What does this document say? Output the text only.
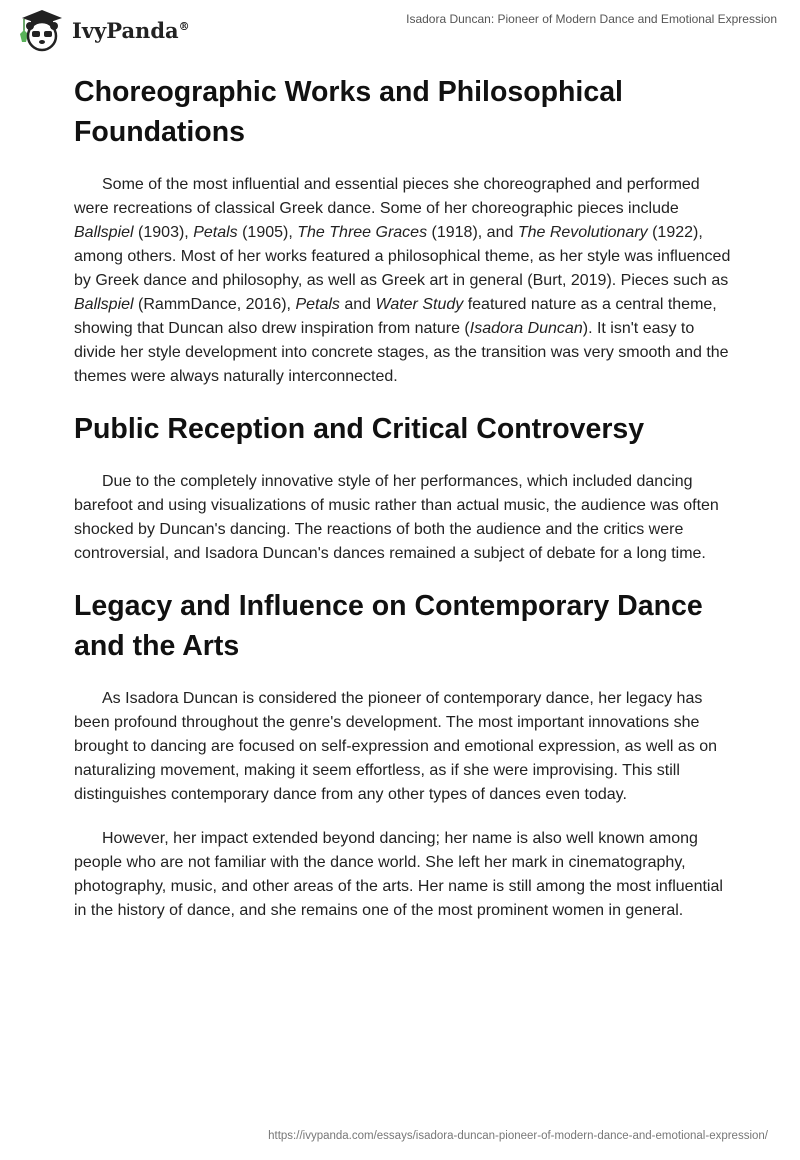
IvyPanda®	Isadora Duncan: Pioneer of Modern Dance and Emotional Expression
Choreographic Works and Philosophical Foundations

Some of the most influential and essential pieces she choreographed and performed were recreations of classical Greek dance. Some of her choreographic pieces include Ballspiel (1903), Petals (1905), The Three Graces (1918), and The Revolutionary (1922), among others. Most of her works featured a philosophical theme, as her style was influenced by Greek dance and philosophy, as well as Greek art in general (Burt, 2019). Pieces such as Ballspiel (RammDance, 2016), Petals and Water Study featured nature as a central theme, showing that Duncan also drew inspiration from nature (Isadora Duncan). It isn't easy to divide her style development into concrete stages, as the transition was very smooth and the themes were always naturally interconnected.

Public Reception and Critical Controversy

Due to the completely innovative style of her performances, which included dancing barefoot and using visualizations of music rather than actual music, the audience was often shocked by Duncan's dancing. The reactions of both the audience and the critics were controversial, and Isadora Duncan's dances remained a subject of debate for a long time.

Legacy and Influence on Contemporary Dance and the Arts

As Isadora Duncan is considered the pioneer of contemporary dance, her legacy has been profound throughout the genre's development. The most important innovations she brought to dancing are focused on self-expression and emotional expression, as well as on naturalizing movement, making it seem effortless, as if she were improvising. This still distinguishes contemporary dance from any other types of dances even today.

However, her impact extended beyond dancing; her name is also well known among people who are not familiar with the dance world. She left her mark in cinematography, photography, music, and other areas of the arts. Her name is still among the most influential in the history of dance, and she remains one of the most prominent women in general.

https://ivypanda.com/essays/isadora-duncan-pioneer-of-modern-dance-and-emotional-expression/
